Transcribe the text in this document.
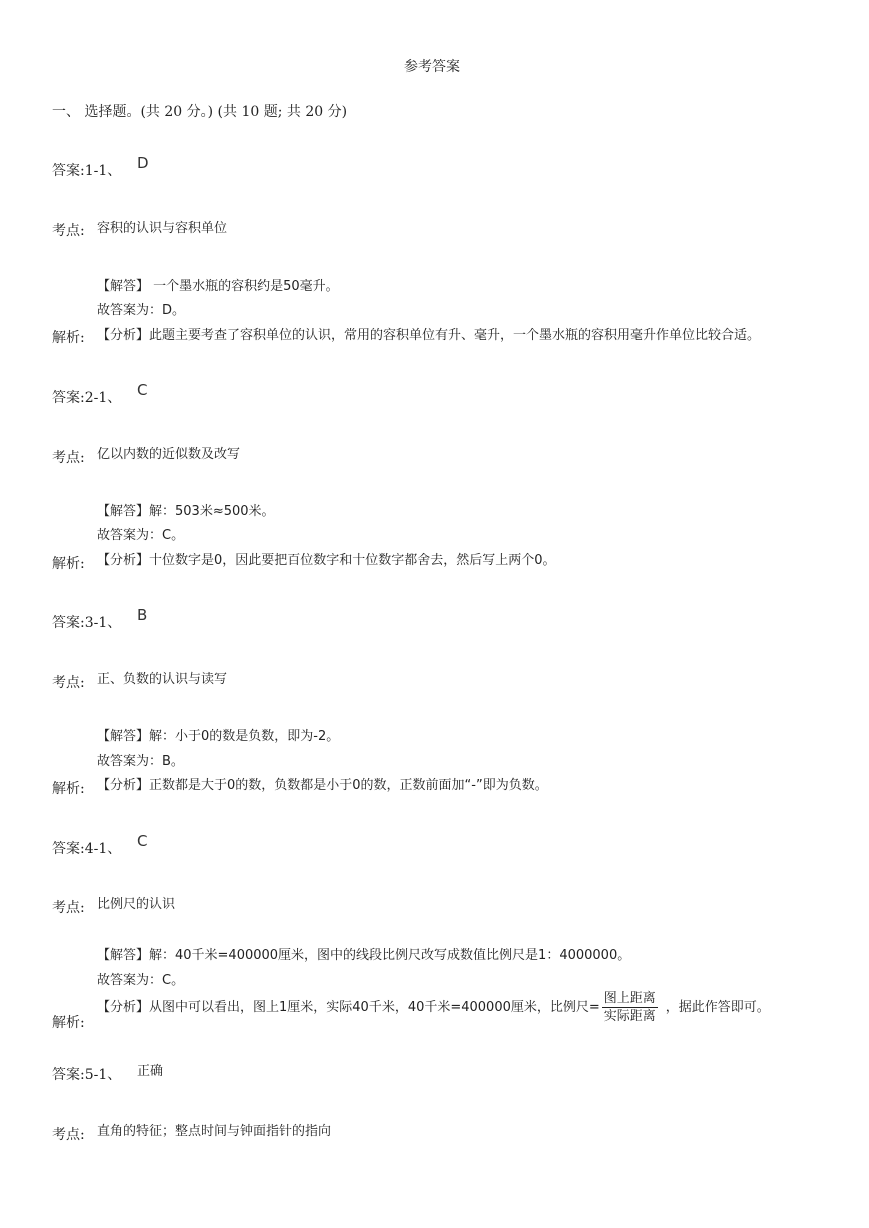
参考答案
一、 选择题。(共 20 分。) (共 10 题; 共 20 分)
答案:1-1、 D
考点: 容积的认识与容积单位
【解答】 一个墨水瓶的容积约是50毫升。
故答案为：D。
解析: 【分析】此题主要考查了容积单位的认识，常用的容积单位有升、毫升，一个墨水瓶的容积用毫升作单位比较合适。
答案:2-1、 C
考点: 亿以内数的近似数及改写
【解答】解：503米≈500米。
故答案为：C。
解析: 【分析】十位数字是0，因此要把百位数字和十位数字都舍去，然后写上两个0。
答案:3-1、 B
考点: 正、负数的认识与读写
【解答】解：小于0的数是负数，即为-2。
故答案为：B。
解析: 【分析】正数都是大于0的数，负数都是小于0的数，正数前面加“-”即为负数。
答案:4-1、 C
考点: 比例尺的认识
【解答】解：40千米=400000厘米，图中的线段比例尺改写成数值比例尺是1：4000000。
故答案为：C。
解析:
【分析】从图中可以看出，图上1厘米，实际40千米，40千米=400000厘米，比例尺= $\frac{\text{图上距离}}{\text{实际距离}}$ ，据此作答即可。
答案:5-1、 正确
考点: 直角的特征；整点时间与钟面指针的指向
